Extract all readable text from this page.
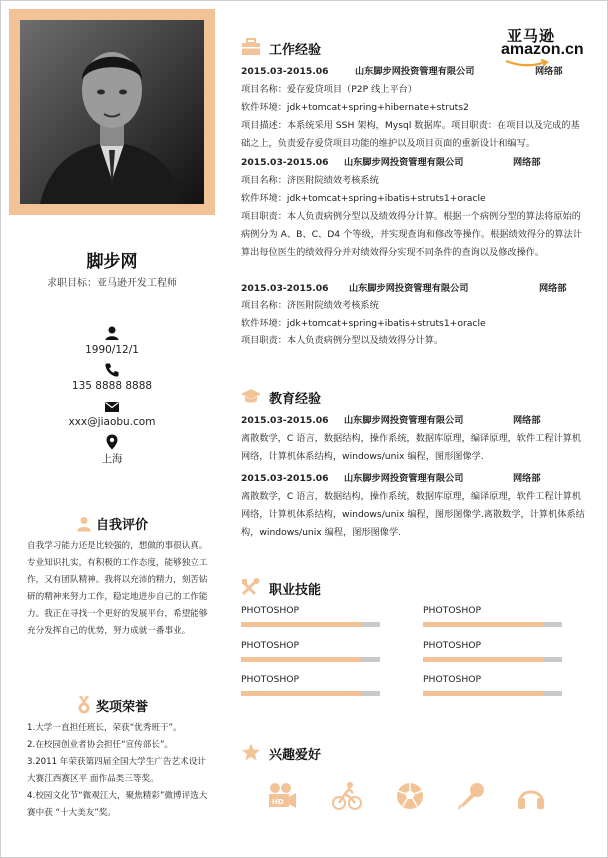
脚步网
求职目标：亚马逊开发工程师
1990/12/1
135 8888 8888
xxx@jiaobu.com
上海
自我评价
自我学习能力还是比较强的，想做的事很认真。专业知识扎实，有积极的工作态度，能够独立工作，又有团队精神。我将以充沛的精力，刻苦钻研的精神来努力工作，稳定地进步自己的工作能力。我正在寻找一个更好的发展平台，希望能够充分发挥自己的优势，努力成就一番事业。
奖项荣誉
1.大学一直担任班长，荣获“优秀班干”。
2.在校园创业者协会担任“宣传部长”。
3.2011 年荣获第四届全国大学生广告艺术设计大赛江西赛区平 面作品类三等奖。
4.校园文化节“微观江大，聚焦精彩”微博评选大赛中获 “十大美友”奖。
亚马逊
amazon.cn
工作经验
2015.03-2015.06	山东脚步网投资管理有限公司	网络部
项目名称：爱存爱贷项目（P2P 线上平台）
软件环境：jdk+tomcat+spring+hibernate+struts2
项目描述：本系统采用 SSH 架构，Mysql 数据库。项目职责：在项目以及完成的基础之上，负责爱存爱贷项目功能的维护以及项目页面的重新设计和编写。
2015.03-2015.06 山东脚步网投资管理有限公司	网络部
项目名称：济医附院绩效考核系统
软件环境：jdk+tomcat+spring+ibatis+struts1+oracle
项目职责：本人负责病例分型以及绩效得分计算。根据一个病例分型的算法将原始的病例分为 A、B、C、D4 个等级，并实现查询和修改等操作。根据绩效得分的算法计算出每位医生的绩效得分并对绩效得分实现不同条件的查询以及修改操作。
2015.03-2015.06 山东脚步网投资管理有限公司	网络部
项目名称：济医附院绩效考核系统
软件环境：jdk+tomcat+spring+ibatis+struts1+oracle
项目职责：本人负责病例分型以及绩效得分计算。
教育经验
2015.03-2015.06 山东脚步网投资管理有限公司	网络部
离散数学，C 语言，数据结构，操作系统，数据库原理，编译原理，软件工程计算机网络，计算机体系结构，windows/unix 编程，图形图像学.
2015.03-2015.06 山东脚步网投资管理有限公司	网络部
离散数学，C 语言，数据结构，操作系统，数据库原理，编译原理，软件工程计算机网络，计算机体系结构，windows/unix 编程，图形图像学.离散数学，计算机体系结构，windows/unix 编程，图形图像学.
职业技能
PHOTOSHOP	PHOTOSHOP
PHOTOSHOP	PHOTOSHOP
PHOTOSHOP	PHOTOSHOP
兴趣爱好
HD
